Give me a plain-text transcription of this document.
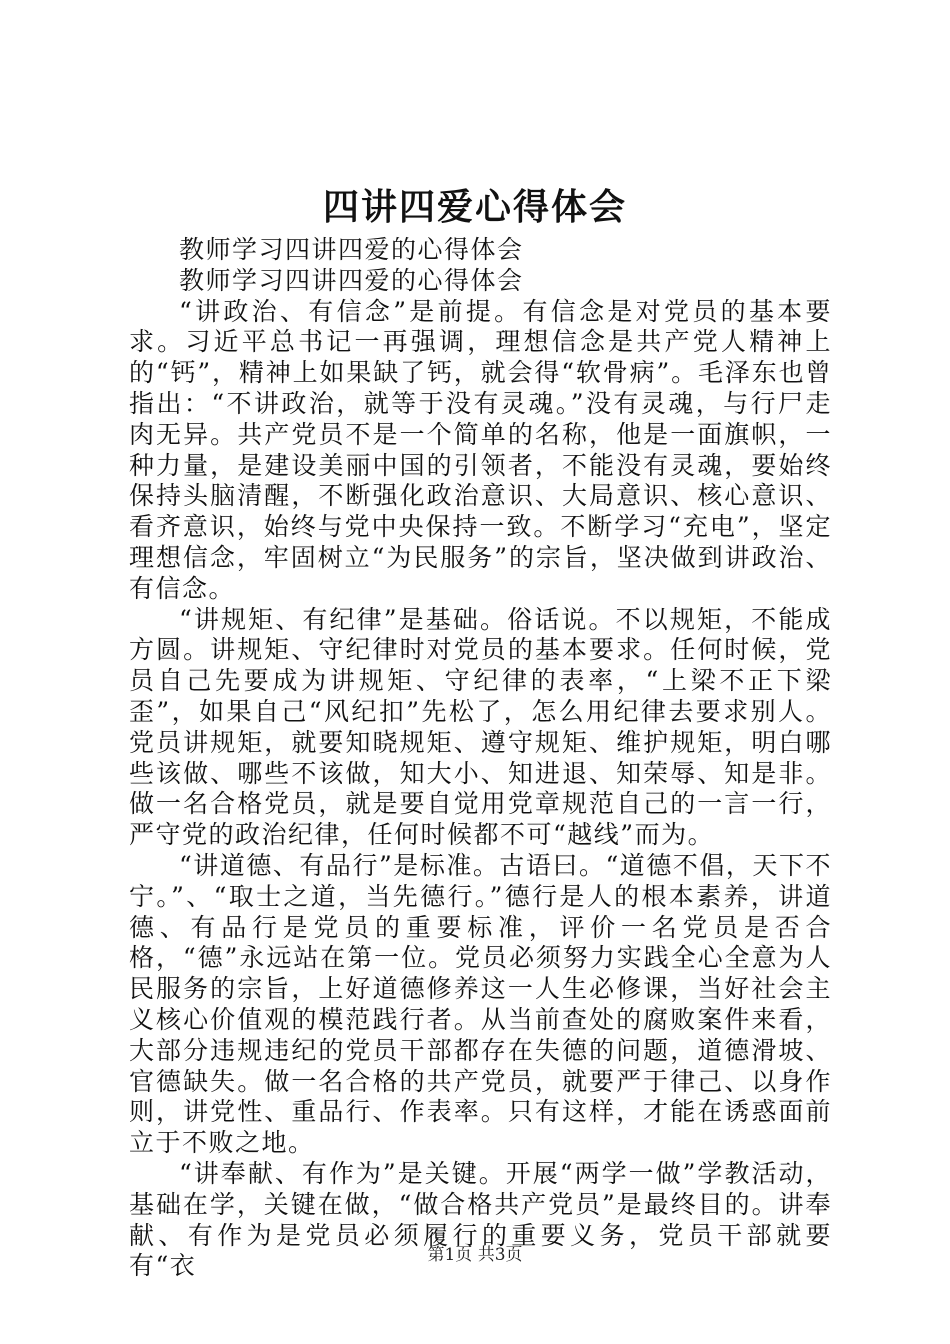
四讲四爱心得体会

教师学习四讲四爱的心得体会

教师学习四讲四爱的心得体会

“讲政治、有信念”是前提。有信念是对党员的基本要求。习近平总书记一再强调，理想信念是共产党人精神上的“钙”，精神上如果缺了钙，就会得“软骨病”。毛泽东也曾指出：“不讲政治，就等于没有灵魂。”没有灵魂，与行尸走肉无异。共产党员不是一个简单的名称，他是一面旗帜，一种力量，是建设美丽中国的引领者，不能没有灵魂，要始终保持头脑清醒，不断强化政治意识、大局意识、核心意识、看齐意识，始终与党中央保持一致。不断学习“充电”，坚定理想信念，牢固树立“为民服务”的宗旨，坚决做到讲政治、有信念。

“讲规矩、有纪律”是基础。俗话说。不以规矩，不能成方圆。讲规矩、守纪律时对党员的基本要求。任何时候，党员自己先要成为讲规矩、守纪律的表率，“上梁不正下梁歪”，如果自己“风纪扣”先松了，怎么用纪律去要求别人。党员讲规矩，就要知晓规矩、遵守规矩、维护规矩，明白哪些该做、哪些不该做，知大小、知进退、知荣辱、知是非。做一名合格党员，就是要自觉用党章规范自己的一言一行，严守党的政治纪律，任何时候都不可“越线”而为。

“讲道德、有品行”是标准。古语曰。“道德不倡，天下不宁。”、“取士之道，当先德行。”德行是人的根本素养，讲道德、有品行是党员的重要标准，评价一名党员是否合格，“德”永远站在第一位。党员必须努力实践全心全意为人民服务的宗旨，上好道德修养这一人生必修课，当好社会主义核心价值观的模范践行者。从当前查处的腐败案件来看，大部分违规违纪的党员干部都存在失德的问题，道德滑坡、官德缺失。做一名合格的共产党员，就要严于律己、以身作则，讲党性、重品行、作表率。只有这样，才能在诱惑面前立于不败之地。

“讲奉献、有作为”是关键。开展“两学一做”学教活动，基础在学，关键在做，“做合格共产党员”是最终目的。讲奉献、有作为是党员必须履行的重要义务，党员干部就要有“衣	第1页 共3页
